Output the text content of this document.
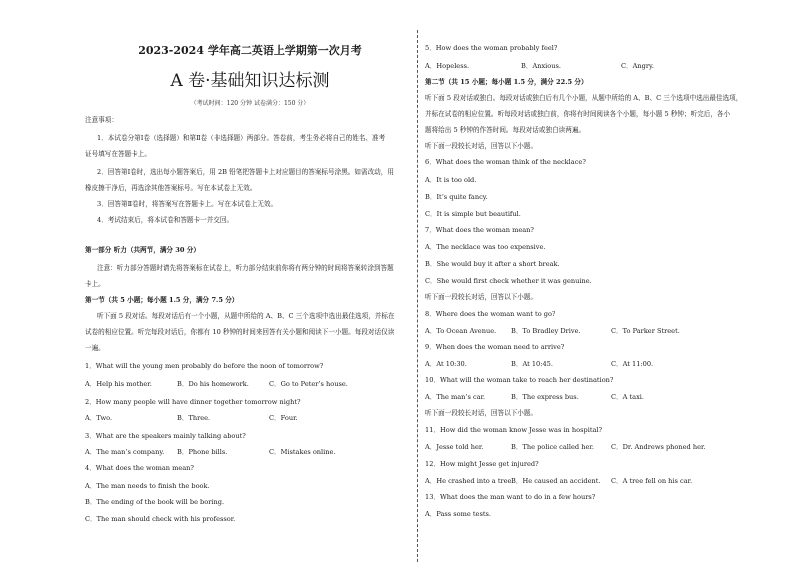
2023-2024 学年高二英语上学期第一次月考
A 卷·基础知识达标测
（考试时间：120 分钟 试卷满分：150 分）
注意事项：
1．本试卷分第Ⅰ卷（选择题）和第Ⅱ卷（非选择题）两部分。答卷前，考生务必将自己的姓名、准考
证号填写在答题卡上。
2．回答第Ⅰ卷时，选出每小题答案后，用 2B 铅笔把答题卡上对应题目的答案标号涂黑。如需改动，用
橡皮擦干净后，再选涂其他答案标号。写在本试卷上无效。
3．回答第Ⅱ卷时，将答案写在答题卡上。写在本试卷上无效。
4．考试结束后，将本试卷和答题卡一并交回。
第一部分 听力（共两节，满分 30 分）
注意：听力部分答题时请先将答案标在试卷上，听力部分结束前你将有两分钟的时间将答案转涂到答题
卡上。
第一节（共 5 小题；每小题 1.5 分，满分 7.5 分）
听下面 5 段对话。每段对话后有一个小题，从题中所给的 A、B、C 三个选项中选出最佳选项，并标在
试卷的相应位置。听完每段对话后，你都有 10 秒钟的时间来回答有关小题和阅读下一小题。每段对话仅读
一遍。
1．What will the young men probably do before the noon of tomorrow?
A．Help his mother.	B．Do his homework.	C．Go to Peter’s house.
2．How many people will have dinner together tomorrow night?
A．Two.	B．Three.	C．Four.
3．What are the speakers mainly talking about?
A．The man’s company. B．Phone bills.	C．Mistakes online.
4．What does the woman mean?
A．The man needs to finish the book.
B．The ending of the book will be boring.
C．The man should check with his professor.
5．How does the woman probably feel?
A．Hopeless.	B．Anxious.	C．Angry.
第二节（共 15 小题；每小题 1.5 分，满分 22.5 分）
听下面 5 段对话或独白。每段对话或独白后有几个小题，从题中所给的 A、B、C 三个选项中选出最佳选项，
并标在试卷的相应位置。听每段对话或独白前，你将有时间阅读各个小题，每小题 5 秒钟；听完后，各小
题将给出 5 秒钟的作答时间。每段对话或独白读两遍。
听下面一段较长对话，回答以下小题。
6．What does the woman think of the necklace?
A．It is too old.
B．It’s quite fancy.
C．It is simple but beautiful.
7．What does the woman mean?
A．The necklace was too expensive.
B．She would buy it after a short break.
C．She would first check whether it was genuine.
听下面一段较长对话，回答以下小题。
8．Where does the woman want to go?
A．To Ocean Avenue. B．To Bradley Drive.	C．To Parker Street.
9．When does the woman need to arrive?
A．At 10:30.	B．At 10:45.	C．At 11:00.
10．What will the woman take to reach her destination?
A．The man’s car.	B．The express bus.	C．A taxi.
听下面一段较长对话，回答以下小题。
11．How did the woman know Jesse was in hospital?
A．Jesse told her.	B．The police called her.	C．Dr. Andrews phoned her.
12．How might Jesse get injured?
A．He crashed into a tree.
B．He caused an accident. C．A tree fell on his car.
13．What does the man want to do in a few hours?
A．Pass some tests.
